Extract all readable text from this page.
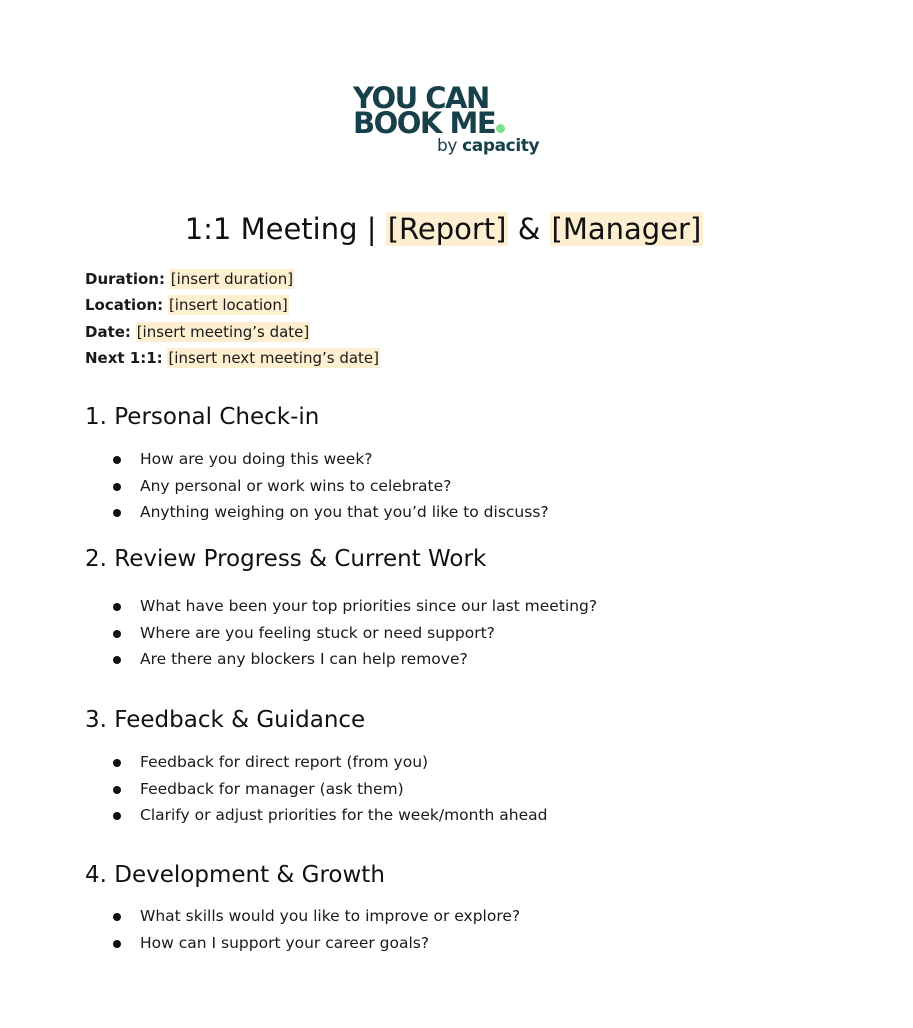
YOU CAN
BOOK ME
by capacity
1:1 Meeting | [Report] & [Manager]
Duration: [insert duration]
Location: [insert location]
Date: [insert meeting’s date]
Next 1:1: [insert next meeting’s date]
1. Personal Check-in
How are you doing this week?
Any personal or work wins to celebrate?
Anything weighing on you that you’d like to discuss?
2. Review Progress & Current Work
What have been your top priorities since our last meeting?
Where are you feeling stuck or need support?
Are there any blockers I can help remove?
3. Feedback & Guidance
Feedback for direct report (from you)
Feedback for manager (ask them)
Clarify or adjust priorities for the week/month ahead
4. Development & Growth
What skills would you like to improve or explore?
How can I support your career goals?
